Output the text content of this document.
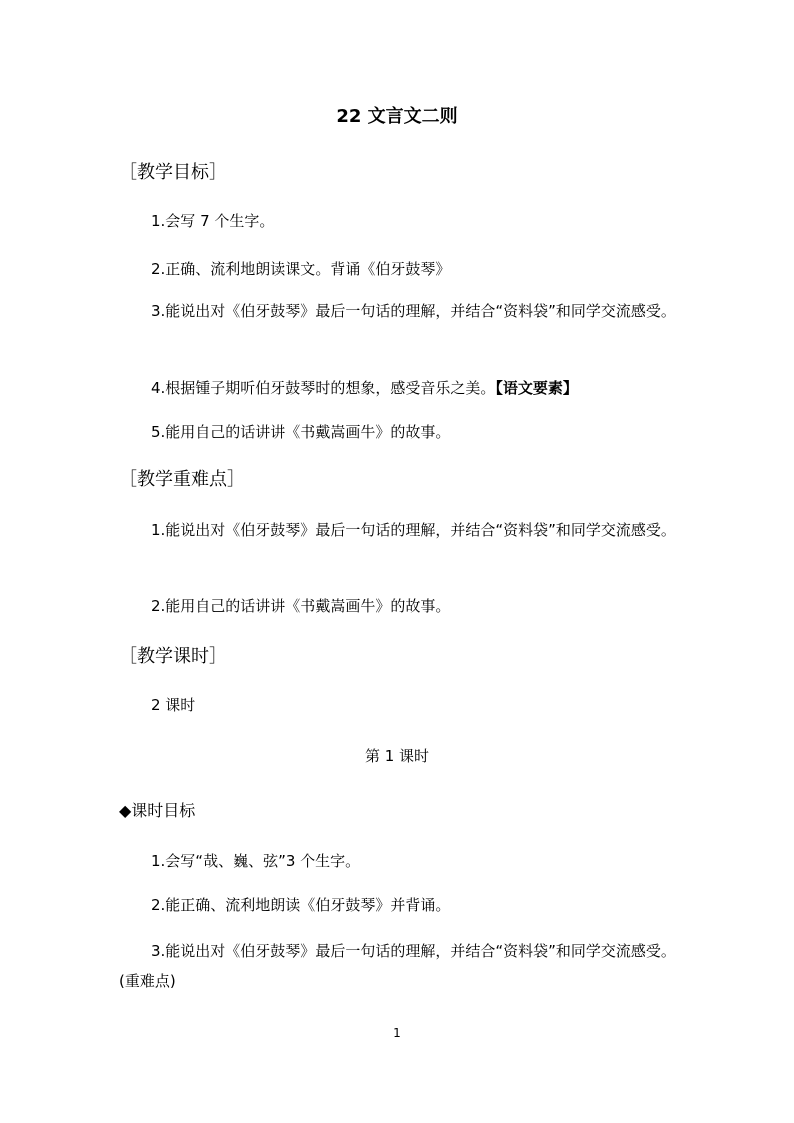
22 文言文二则
［教学目标］
1.会写 7 个生字。
2.正确、流利地朗读课文。背诵《伯牙鼓琴》
3.能说出对《伯牙鼓琴》最后一句话的理解，并结合“资料袋”和同学交流感受。
4.根据锺子期听伯牙鼓琴时的想象，感受音乐之美。【语文要素】
5.能用自己的话讲讲《书戴嵩画牛》的故事。
［教学重难点］
1.能说出对《伯牙鼓琴》最后一句话的理解，并结合“资料袋”和同学交流感受。
2.能用自己的话讲讲《书戴嵩画牛》的故事。
［教学课时］
2 课时
第 1 课时
◆课时目标
1.会写“哉、巍、弦”3 个生字。
2.能正确、流利地朗读《伯牙鼓琴》并背诵。
3.能说出对《伯牙鼓琴》最后一句话的理解，并结合“资料袋”和同学交流感受。(重难点)
1
